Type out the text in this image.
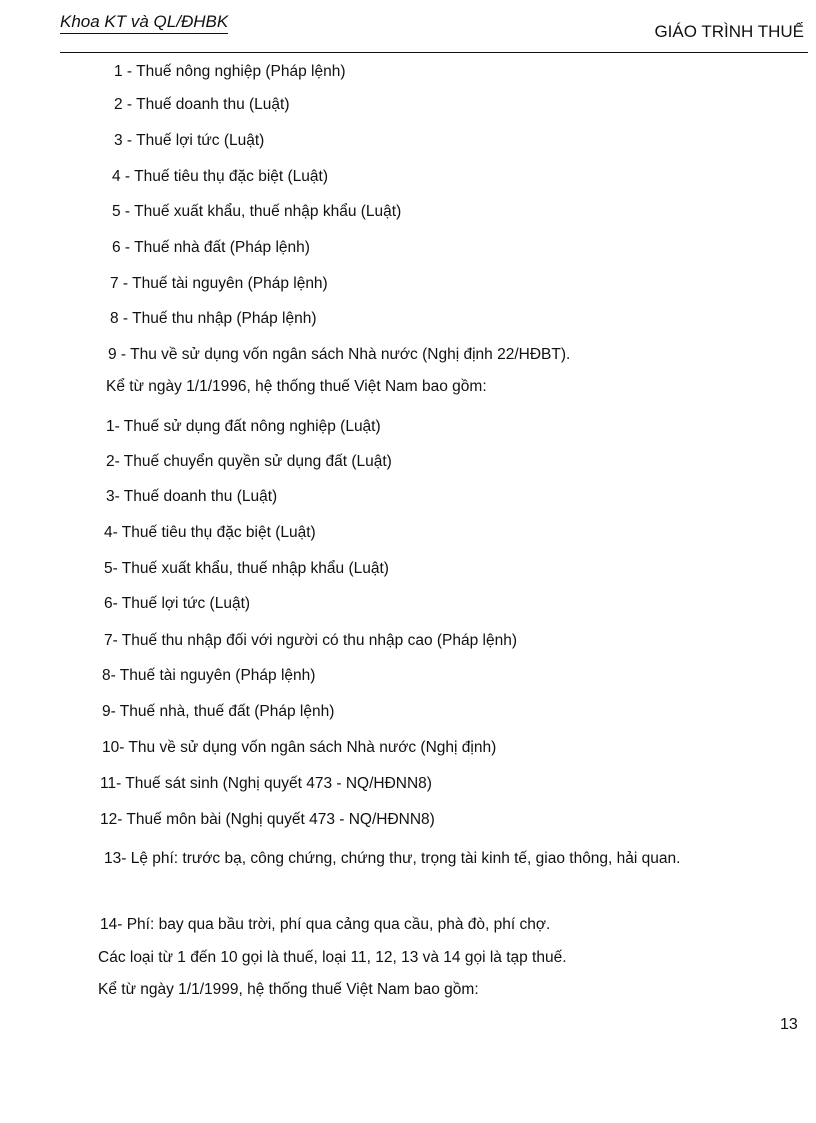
Khoa KT và QL/ĐHBK
GIÁO TRÌNH THUẾ
1 - Thuế nông nghiệp (Pháp lệnh)
2 - Thuế doanh thu (Luật)
3 - Thuế lợi tức (Luật)
4 - Thuế tiêu thụ đặc biệt (Luật)
5 - Thuế xuất khẩu, thuế nhập khẩu (Luật)
6 - Thuế nhà đất (Pháp lệnh)
7 - Thuế tài nguyên (Pháp lệnh)
8 - Thuế thu nhập (Pháp lệnh)
9 - Thu về sử dụng vốn ngân sách Nhà nước (Nghị định 22/HĐBT).
Kể từ ngày 1/1/1996, hệ thống thuế Việt Nam bao gồm:
1- Thuế sử dụng đất nông nghiệp (Luật)
2- Thuế chuyển quyền sử dụng đất (Luật)
3- Thuế doanh thu (Luật)
4- Thuế tiêu thụ đặc biệt (Luật)
5- Thuế xuất khẩu, thuế nhập khẩu (Luật)
6- Thuế lợi tức (Luật)
7- Thuế thu nhập đối với người có thu nhập cao (Pháp lệnh)
8- Thuế tài nguyên (Pháp lệnh)
9- Thuế nhà, thuế đất (Pháp lệnh)
10- Thu về sử dụng vốn ngân sách Nhà nước (Nghị định)
11- Thuế sát sinh (Nghị quyết 473 - NQ/HĐNN8)
12- Thuế môn bài (Nghị quyết 473 - NQ/HĐNN8)
13- Lệ phí: trước bạ, công chứng, chứng thư, trọng tài kinh tế, giao thông, hải quan.
14- Phí: bay qua bầu trời, phí qua cảng qua cầu, phà đò, phí chợ.
Các loại từ 1 đến 10 gọi là thuế, loại 11, 12, 13 và 14 gọi là tạp thuế.
Kể từ ngày 1/1/1999, hệ thống thuế Việt Nam bao gồm:
13
